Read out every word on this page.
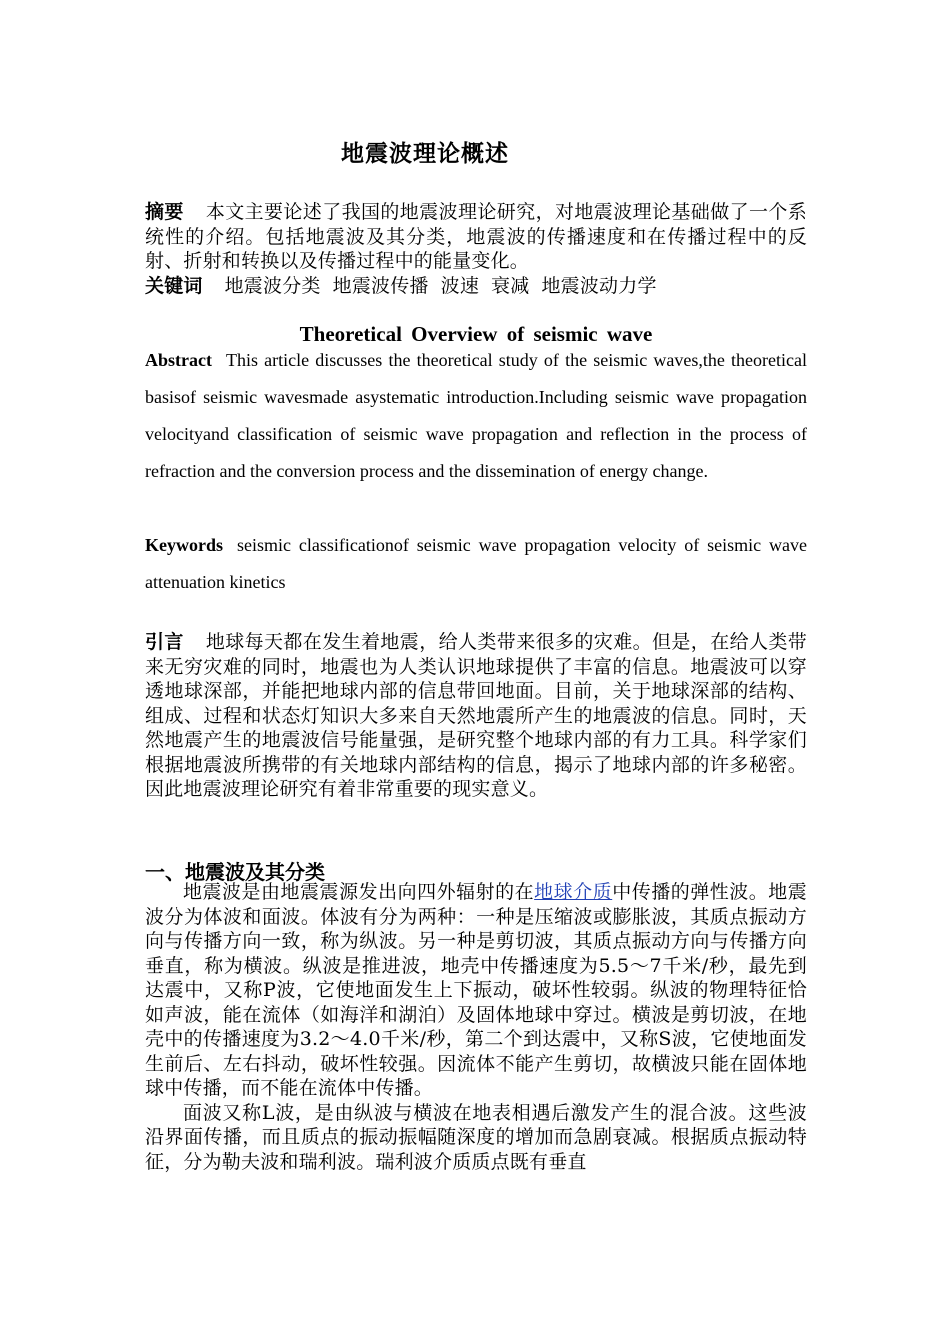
地震波理论概述
摘要 本文主要论述了我国的地震波理论研究，对地震波理论基础做了一个系统性的介绍。包括地震波及其分类，地震波的传播速度和在传播过程中的反射、折射和转换以及传播过程中的能量变化。
关键词 地震波分类 地震波传播 波速 衰减 地震波动力学
Theoretical Overview of seismic wave
Abstract This article discusses the theoretical study of the seismic waves,the theoretical basisof seismic wavesmade asystematic introduction.Including seismic wave propagation velocityand classification of seismic wave propagation and reflection in the process of refraction and the conversion process and the dissemination of energy change.
Keywords seismic classificationof seismic wave propagation velocity of seismic wave attenuation kinetics
引言 地球每天都在发生着地震，给人类带来很多的灾难。但是，在给人类带来无穷灾难的同时，地震也为人类认识地球提供了丰富的信息。地震波可以穿透地球深部，并能把地球内部的信息带回地面。目前，关于地球深部的结构、组成、过程和状态灯知识大多来自天然地震所产生的地震波的信息。同时，天然地震产生的地震波信号能量强，是研究整个地球内部的有力工具。科学家们根据地震波所携带的有关地球内部结构的信息，揭示了地球内部的许多秘密。因此地震波理论研究有着非常重要的现实意义。
一、地震波及其分类

地震波是由地震震源发出向四外辐射的在地球介质中传播的弹性波。地震波分为体波和面波。体波有分为两种：一种是压缩波或膨胀波，其质点振动方向与传播方向一致，称为纵波。另一种是剪切波，其质点振动方向与传播方向垂直，称为横波。纵波是推进波，地壳中传播速度为5.5～7千米/秒，最先到达震中，又称P波，它使地面发生上下振动，破坏性较弱。纵波的物理特征恰如声波，能在流体（如海洋和湖泊）及固体地球中穿过。横波是剪切波，在地壳中的传播速度为3.2～4.0千米/秒，第二个到达震中，又称S波，它使地面发生前后、左右抖动，破坏性较强。因流体不能产生剪切，故横波只能在固体地球中传播，而不能在流体中传播。

面波又称L波，是由纵波与横波在地表相遇后激发产生的混合波。这些波沿界面传播，而且质点的振动振幅随深度的增加而急剧衰减。根据质点振动特征，分为勒夫波和瑞利波。瑞利波介质质点既有垂直
